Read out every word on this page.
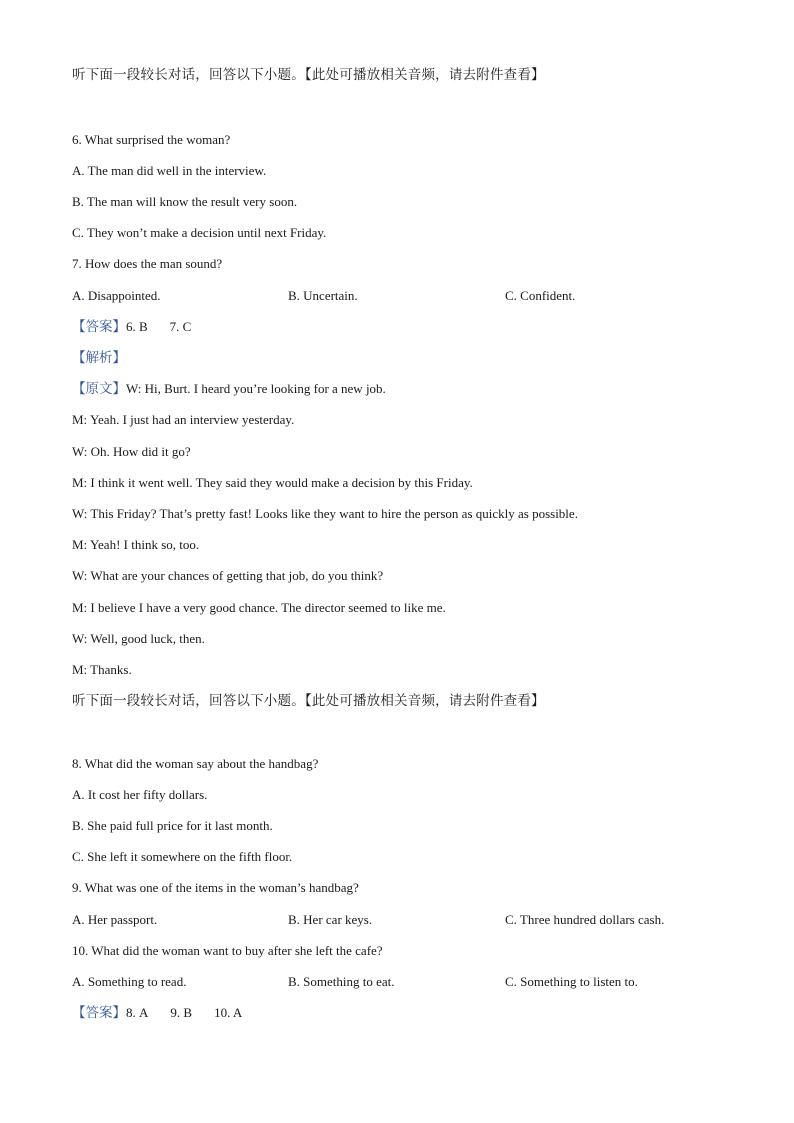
听下面一段较长对话，回答以下小题。【此处可播放相关音频，请去附件查看】
6. What surprised the woman?
A. The man did well in the interview.
B. The man will know the result very soon.
C. They won’t make a decision until next Friday.
7. How does the man sound?
A. Disappointed.	B. Uncertain.	C. Confident.
【答案】6. B 7. C
【解析】
【原文】W: Hi, Burt. I heard you’re looking for a new job.
M: Yeah. I just had an interview yesterday.
W: Oh. How did it go?
M: I think it went well. They said they would make a decision by this Friday.
W: This Friday? That’s pretty fast! Looks like they want to hire the person as quickly as possible.
M: Yeah! I think so, too.
W: What are your chances of getting that job, do you think?
M: I believe I have a very good chance. The director seemed to like me.
W: Well, good luck, then.
M: Thanks.
听下面一段较长对话，回答以下小题。【此处可播放相关音频，请去附件查看】
8. What did the woman say about the handbag?
A. It cost her fifty dollars.
B. She paid full price for it last month.
C. She left it somewhere on the fifth floor.
9. What was one of the items in the woman’s handbag?
A. Her passport.	B. Her car keys.	C. Three hundred dollars cash.
10. What did the woman want to buy after she left the cafe?
A. Something to read.	B. Something to eat.	C. Something to listen to.
【答案】8. A 9. B 10. A
